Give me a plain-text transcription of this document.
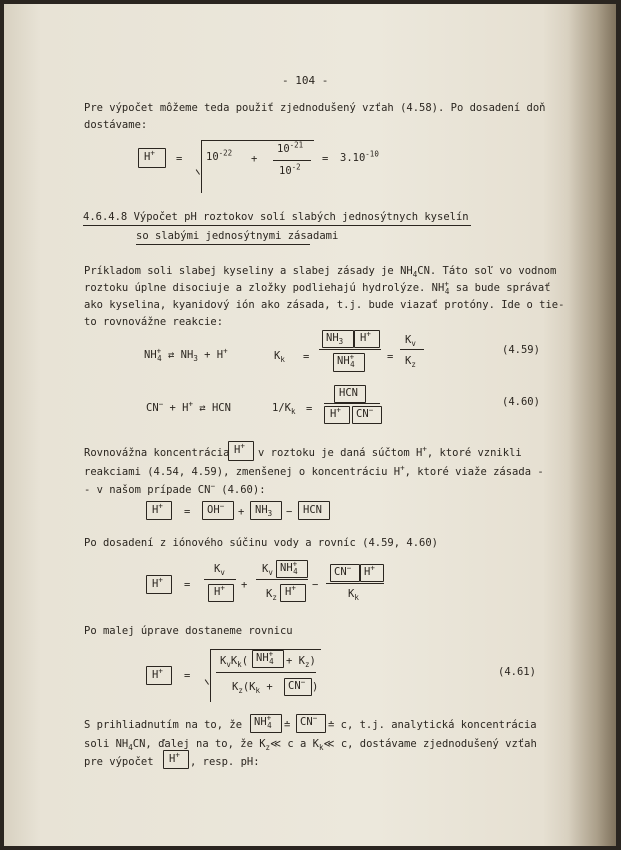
- 104 -
Pre výpočet môžeme teda použiť zjednodušený vzťah (4.58). Po dosadení doň
dostávame:
$H^+ = 10^{-22}$ +
$10^{-21}$
$10^{-2}$
= $3.10^{-10}$
4.6.4.8 Výpočet pH roztokov solí slabých jednosýtnych kyselín
so slabými jednosýtnymi zásadami
Príkladom soli slabej kyseliny a slabej zásady je $NH_4CN$. Táto soľ vo vodnom
roztoku úplne disociuje a zložky podliehajú hydrolýze. $NH^+_4$ sa bude správať
ako kyselina, kyanidový ión ako zásada, t.j. bude viazať protóny. Ide o tie-
to rovnovážne reakcie:
$NH^+_4$ ⇄ $NH_3 + H^+$	$K_k$ =
$NH_3$ H+
$NH^+_4$
=
$K_v$
$K_z$
(4.59)
CN− + H+ ⇄ HCN	$1/K_k$ =
HCN
H+ CN−
(4.60)
Rovnovážna koncentrácia H+
v roztoku je daná súčtom H+, ktoré vznikli
reakciami (4.54, 4.59), zmenšenej o koncentráciu H+, ktoré viaže zásada -
- v našom prípade CN− (4.60):
$H^+ = OH^- + NH_3$ − HCN
Po dosadení z iónového súčinu vody a rovníc (4.59, 4.60)
H+ =
$K_v$
H+ +
$K_v$ $NH^+_4$
$K_z$ H+ −
CN− H+
$K_k$
Po malej úprave dostaneme rovnicu
H+ =
$K_vK_k$( $NH^+_4 + K_z$)
$K_z(K_k + CN^-$ )
(4.61)
S prihliadnutím na to, že $NH^+_4$ ≐ CN−
≐ c, t.j. analytická koncentrácia
soli $NH_4CN$, ďalej na to, že $K_z≪$ c a $K_k≪$ c, dostávame zjednodušený vzťah
pre výpočet H+
, resp. pH:
